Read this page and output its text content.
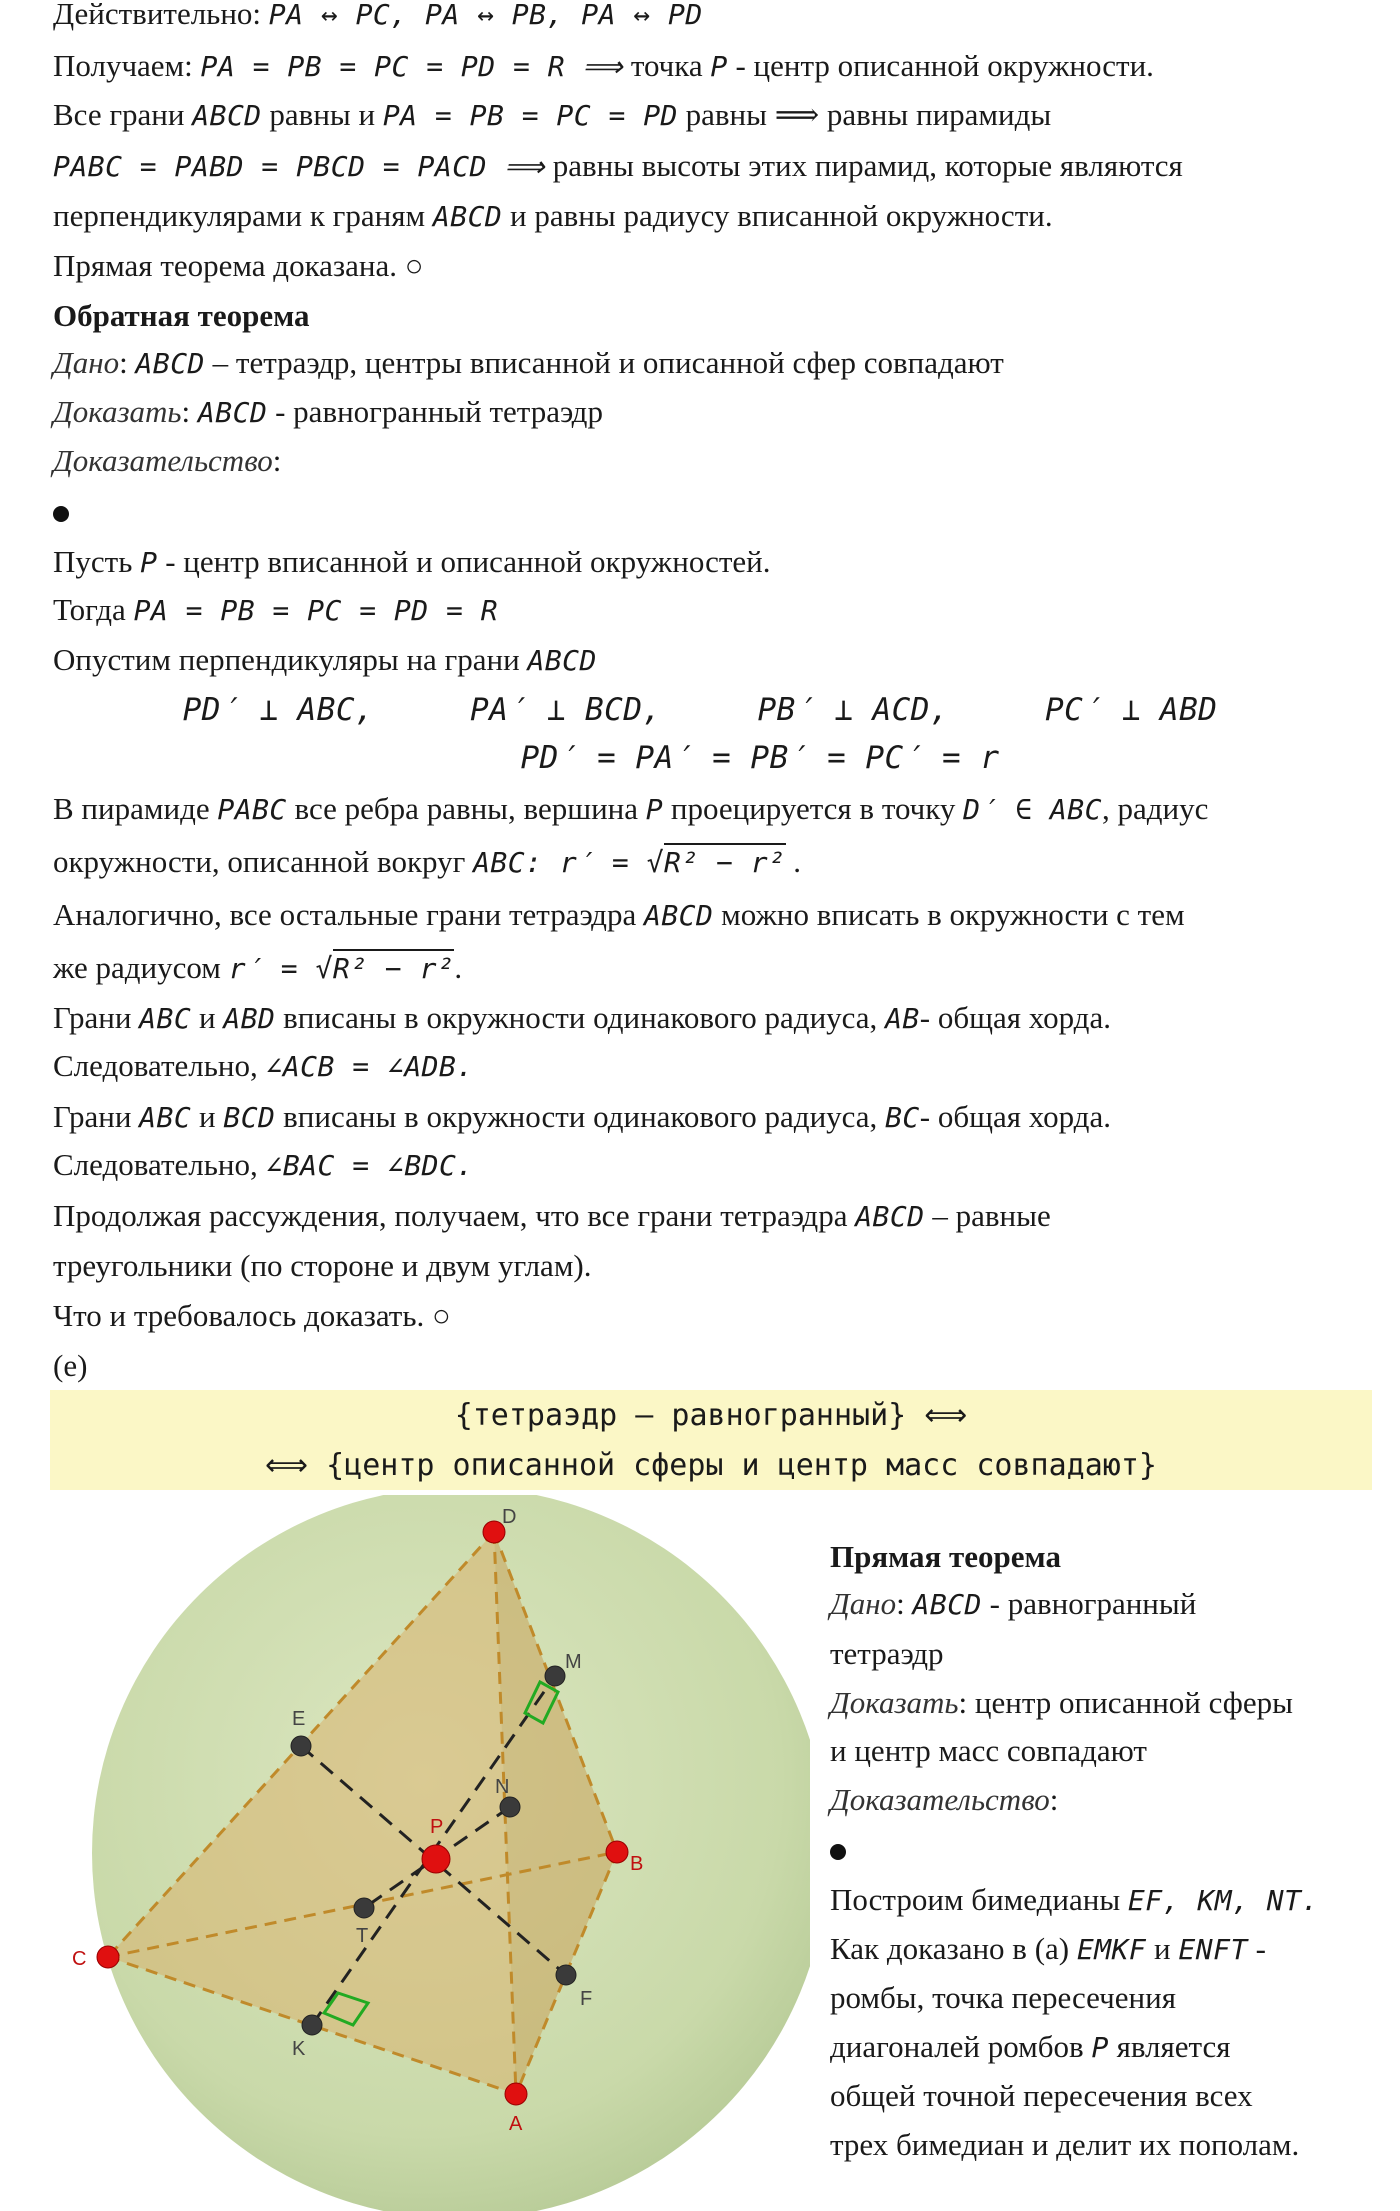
Действительно: PA ↔ PC, PA ↔ PB, PA ↔ PD
Получаем: PA = PB = PC = PD = R ⟹ точка P - центр описанной окружности.
Все грани ABCD равны и PA = PB = PC = PD равны ⟹ равны пирамиды
PABC = PABD = PBCD = PACD ⟹ равны высоты этих пирамид, которые являются
перпендикулярами к граням ABCD и равны радиусу вписанной окружности.
Прямая теорема доказана. ○
Обратная теорема
Дано: ABCD – тетраэдр, центры вписанной и описанной сфер совпадают
Доказать: ABCD - равногранный тетраэдр
Доказательство:
Пусть P - центр вписанной и описанной окружностей.
Тогда PA = PB = PC = PD = R
Опустим перпендикуляры на грани ABCD
PD′ ⊥ ABC,     PA′ ⊥ BCD,     PB′ ⊥ ACD,     PC′ ⊥ ABD
PD′ = PA′ = PB′ = PC′ = r
В пирамиде PABC все ребра равны, вершина P проецируется в точку D′ ∈ ABC, радиус
окружности, описанной вокруг ABC: r′ = √R² − r² .
Аналогично, все остальные грани тетраэдра ABCD можно вписать в окружности с тем
же радиусом r′ = √R² − r².
Грани ABC и ABD вписаны в окружности одинакового радиуса, AB- общая хорда.
Следовательно, ∠ACB = ∠ADB.
Грани ABC и BCD вписаны в окружности одинакового радиуса, BC- общая хорда.
Следовательно, ∠BAC = ∠BDC.
Продолжая рассуждения, получаем, что все грани тетраэдра ABCD – равные
треугольники (по стороне и двум углам).
Что и требовалось доказать. ○
(e)
{тетраэдр – равногранный} ⟺
⟺ {центр описанной сферы и центр масс совпадают}
D
M
E
N
P
B
T
C
F
K
A
Прямая теорема
Дано: ABCD - равногранный
тетраэдр
Доказать: центр описанной сферы
и центр масс совпадают
Доказательство:
Построим бимедианы EF, KM, NT.
Как доказано в (а) EMKF и ENFT -
ромбы, точка пересечения
диагоналей ромбов P является
общей точной пересечения всех
трех бимедиан и делит их пополам.
